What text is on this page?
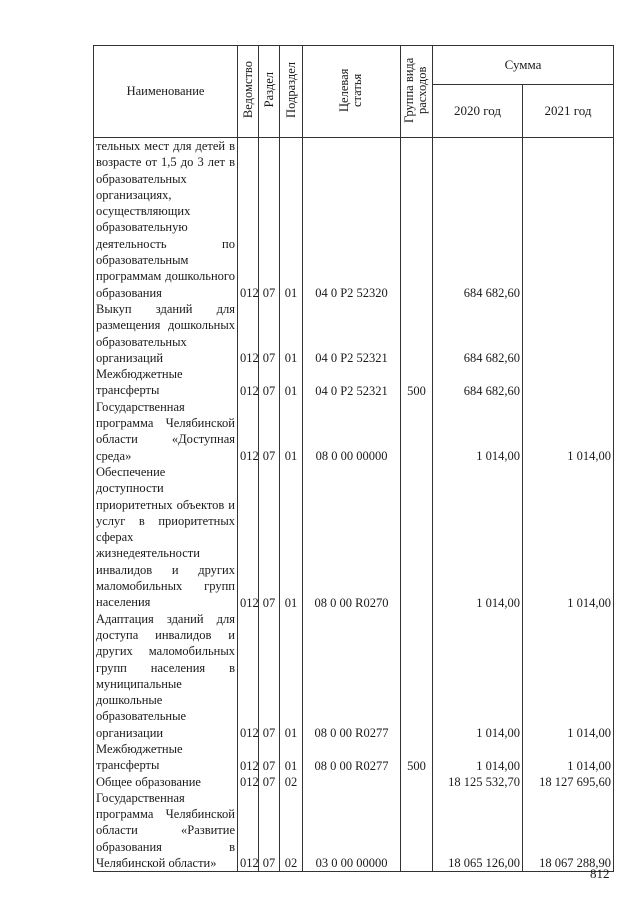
Наименование	Ведомство	Раздел	Подраздел	Целевая статья	Группа вида расходов	Сумма	
						2020 год	2021 год
тельных мест для детей в возрасте от 1,5 до 3 лет в образовательных организациях, осуществляющих образовательную деятельность по образовательным программам дошкольного образования	012	07	01	04 0 P2 52320		684 682,60	
Выкуп зданий для размещения дошкольных образовательных организаций	012	07	01	04 0 P2 52321		684 682,60	
Межбюджетные трансферты	012	07	01	04 0 P2 52321	500	684 682,60	
Государственная программа Челябинской области «Доступная среда»	012	07	01	08 0 00 00000		1 014,00	1 014,00
Обеспечение доступности приоритетных объектов и услуг в приоритетных сферах жизнедеятельности инвалидов и других маломобильных групп населения	012	07	01	08 0 00 R0270		1 014,00	1 014,00
Адаптация зданий для доступа инвалидов и других маломобильных групп населения в муниципальные дошкольные образовательные организации	012	07	01	08 0 00 R0277		1 014,00	1 014,00
Межбюджетные трансферты	012	07	01	08 0 00 R0277	500	1 014,00	1 014,00
Общее образование	012	07	02			18 125 532,70	18 127 695,60
Государственная программа Челябинской области «Развитие образования в Челябинской области»	012	07	02	03 0 00 00000		18 065 126,00	18 067 288,90
812
